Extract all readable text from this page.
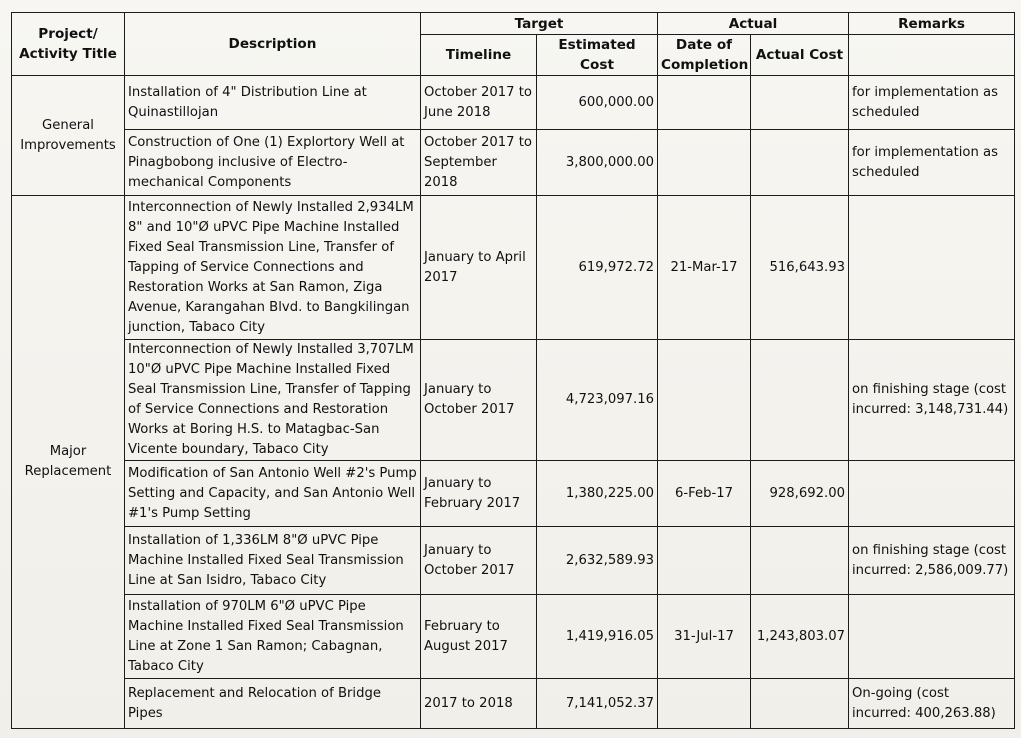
Project/ Activity Title	Description	Target		Actual		Remarks
		Timeline	Estimated Cost	Date of Completion	Actual Cost	
General Improvements	Installation of 4" Distribution Line at Quinastillojan	October 2017 to June 2018	600,000.00			for implementation as scheduled
	Construction of One (1) Explortory Well at Pinagbobong inclusive of Electro-mechanical Components	October 2017 to September 2018	3,800,000.00			for implementation as scheduled
Major Replacement	Interconnection of Newly Installed 2,934LM 8" and 10"Ø uPVC Pipe Machine Installed Fixed Seal Transmission Line, Transfer of Tapping of Service Connections and Restoration Works at San Ramon, Ziga Avenue, Karangahan Blvd. to Bangkilingan junction, Tabaco City	January to April 2017	619,972.72	21-Mar-17	516,643.93	
	Interconnection of Newly Installed 3,707LM 10"Ø uPVC Pipe Machine Installed Fixed Seal Transmission Line, Transfer of Tapping of Service Connections and Restoration Works at Boring H.S. to Matagbac-San Vicente boundary, Tabaco City	January to October 2017	4,723,097.16			on finishing stage (cost incurred: 3,148,731.44)
	Modification of San Antonio Well #2's Pump Setting and Capacity, and San Antonio Well #1's Pump Setting	January to February 2017	1,380,225.00	6-Feb-17	928,692.00	
	Installation of 1,336LM 8"Ø uPVC Pipe Machine Installed Fixed Seal Transmission Line at San Isidro, Tabaco City	January to October 2017	2,632,589.93			on finishing stage (cost incurred: 2,586,009.77)
	Installation of 970LM 6"Ø uPVC Pipe Machine Installed Fixed Seal Transmission Line at Zone 1 San Ramon; Cabagnan, Tabaco City	February to August 2017	1,419,916.05	31-Jul-17	1,243,803.07	
	Replacement and Relocation of Bridge Pipes	2017 to 2018	7,141,052.37			On-going (cost incurred: 400,263.88)
